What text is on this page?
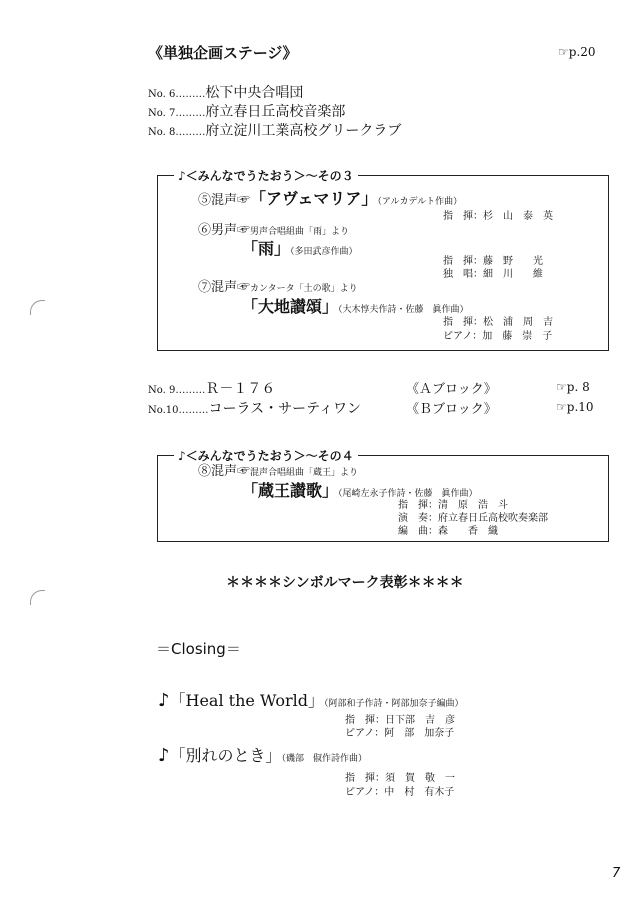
《単独企画ステージ》	☞p.20
No. 6………松下中央合唱団
No. 7………府立春日丘高校音楽部
No. 8………府立淀川工業高校グリークラブ
♪＜みんなでうたおう＞〜その３
⑤混声☞「アヴェマリア」（アルカデルト作曲）
指　揮：杉　山　泰　英
⑥男声☞男声合唱組曲「雨」より
「雨」（多田武彦作曲）
指　揮：藤　野　　光
独　唱：細　川　　維
⑦混声☞カンタータ「土の歌」より
「大地讃頌」（大木惇夫作詩・佐藤　眞作曲）
指　揮：松　浦　周　吉
ピアノ：加　藤　崇　子
No. 9………Ｒ－１７６	《Ａブロック》	☞p. 8
No.10………コーラス・サーティワン	《Ｂブロック》	☞p.10
♪＜みんなでうたおう＞〜その４
⑧混声☞混声合唱組曲「蔵王」より
「蔵王讃歌」（尾崎左永子作詩・佐藤　眞作曲）
指　揮：清　原　浩　斗
演　奏：府立春日丘高校吹奏楽部
編　曲：森　　香　織
＊＊＊＊シンボルマーク表彰＊＊＊＊
＝Closing＝
♪「Heal the World」（阿部和子作詩・阿部加奈子編曲）
指　揮：日下部　吉　彦
ピアノ：阿　部　加奈子
♪「別れのとき」（磯部　俶作詩作曲）
指　揮：須　賀　敬　一
ピアノ：中　村　有木子
7
